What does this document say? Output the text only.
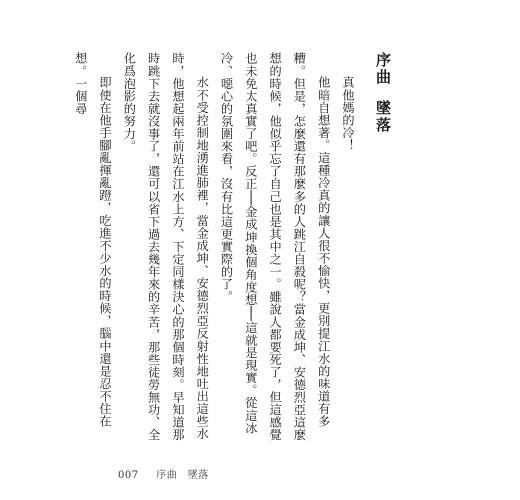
序曲墜落

真他媽的冷！

他暗自想著。這種冷真的讓人很不愉快，更別提江水的味道有多糟。但是，怎麼還有那麼多的人跳江自殺呢？當金成坤、安德烈亞這麼想的時候，他似乎忘了自己也是其中之一。雖說人都要死了，但這感覺也未免太真實了吧。反正──金成坤換個角度想──這就是現實。從這冰冷、噁心的氛圍來看，沒有比這更實際的了。

水不受控制地湧進肺裡，當金成坤、安德烈亞反射性地吐出這些水時，他想起兩年前站在江水上方、下定同樣決心的那個時刻。早知道那時跳下去就沒事了，還可以省下過去幾年來的辛苦，那些徒勞無功、全化爲泡影的努力。

即使在他手腳亂揮亂蹬，吃進不少水的時候，腦中還是忍不住在想。一個尋

007 序曲　墜落
